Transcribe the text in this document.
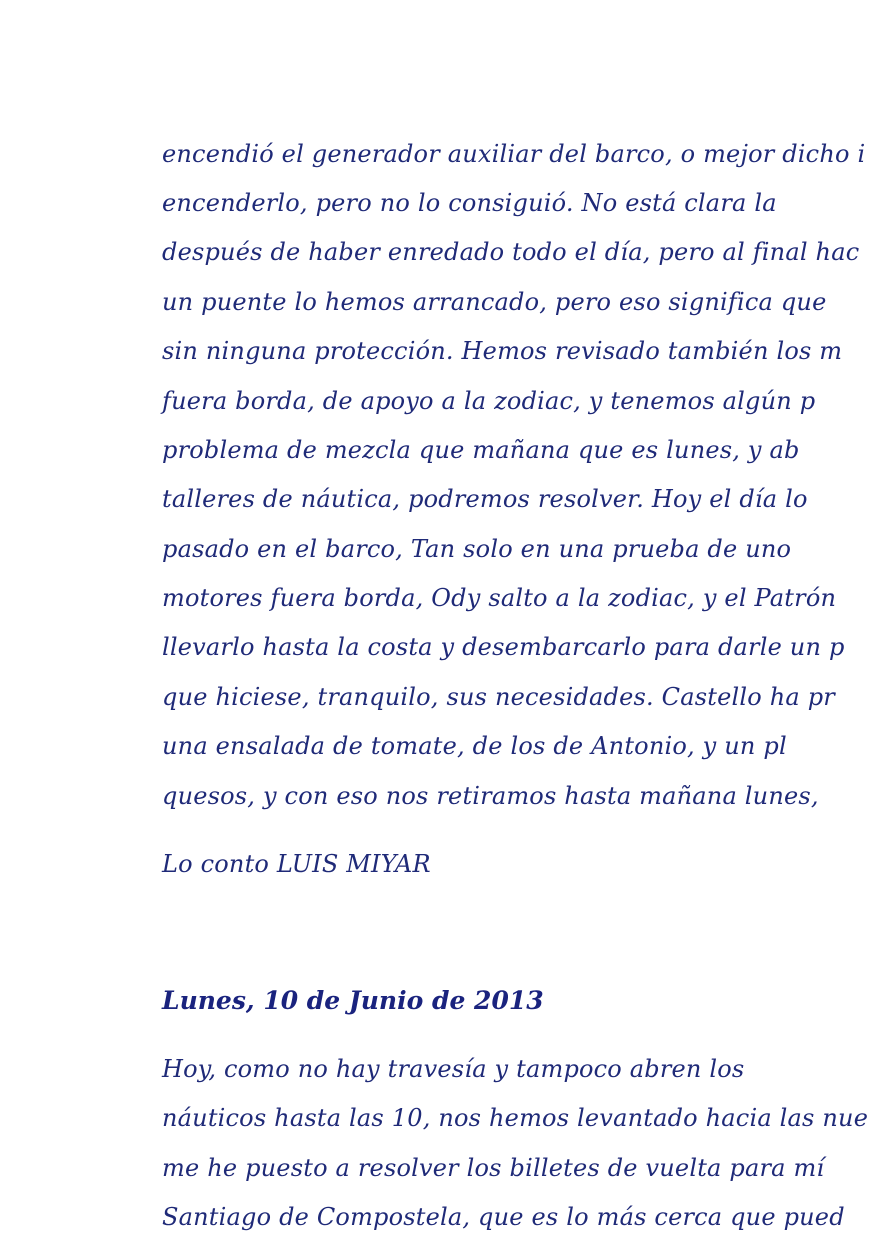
encendió el generador auxiliar del barco, o mejor dicho i
encenderlo, pero no lo consiguió. No está clara la
después de haber enredado todo el día, pero al final hac
un puente lo hemos arrancado, pero eso significa que
sin ninguna protección. Hemos revisado también los m
fuera borda, de apoyo a la zodiac, y tenemos algún p
problema de mezcla que mañana que es lunes, y ab
talleres de náutica, podremos resolver. Hoy el día lo
pasado en el barco, Tan solo en una prueba de uno
motores fuera borda, Ody salto a la zodiac, y el Patrón
llevarlo hasta la costa y desembarcarlo para darle un p
que hiciese, tranquilo, sus necesidades. Castello ha pr
una ensalada de tomate, de los de Antonio, y un pl
quesos, y con eso nos retiramos hasta mañana lunes,
Lo conto LUIS MIYAR
Lunes, 10 de Junio de 2013
Hoy, como no hay travesía y tampoco abren los
náuticos hasta las 10, nos hemos levantado hacia las nue
me he puesto a resolver los billetes de vuelta para mí
Santiago de Compostela, que es lo más cerca que pued
